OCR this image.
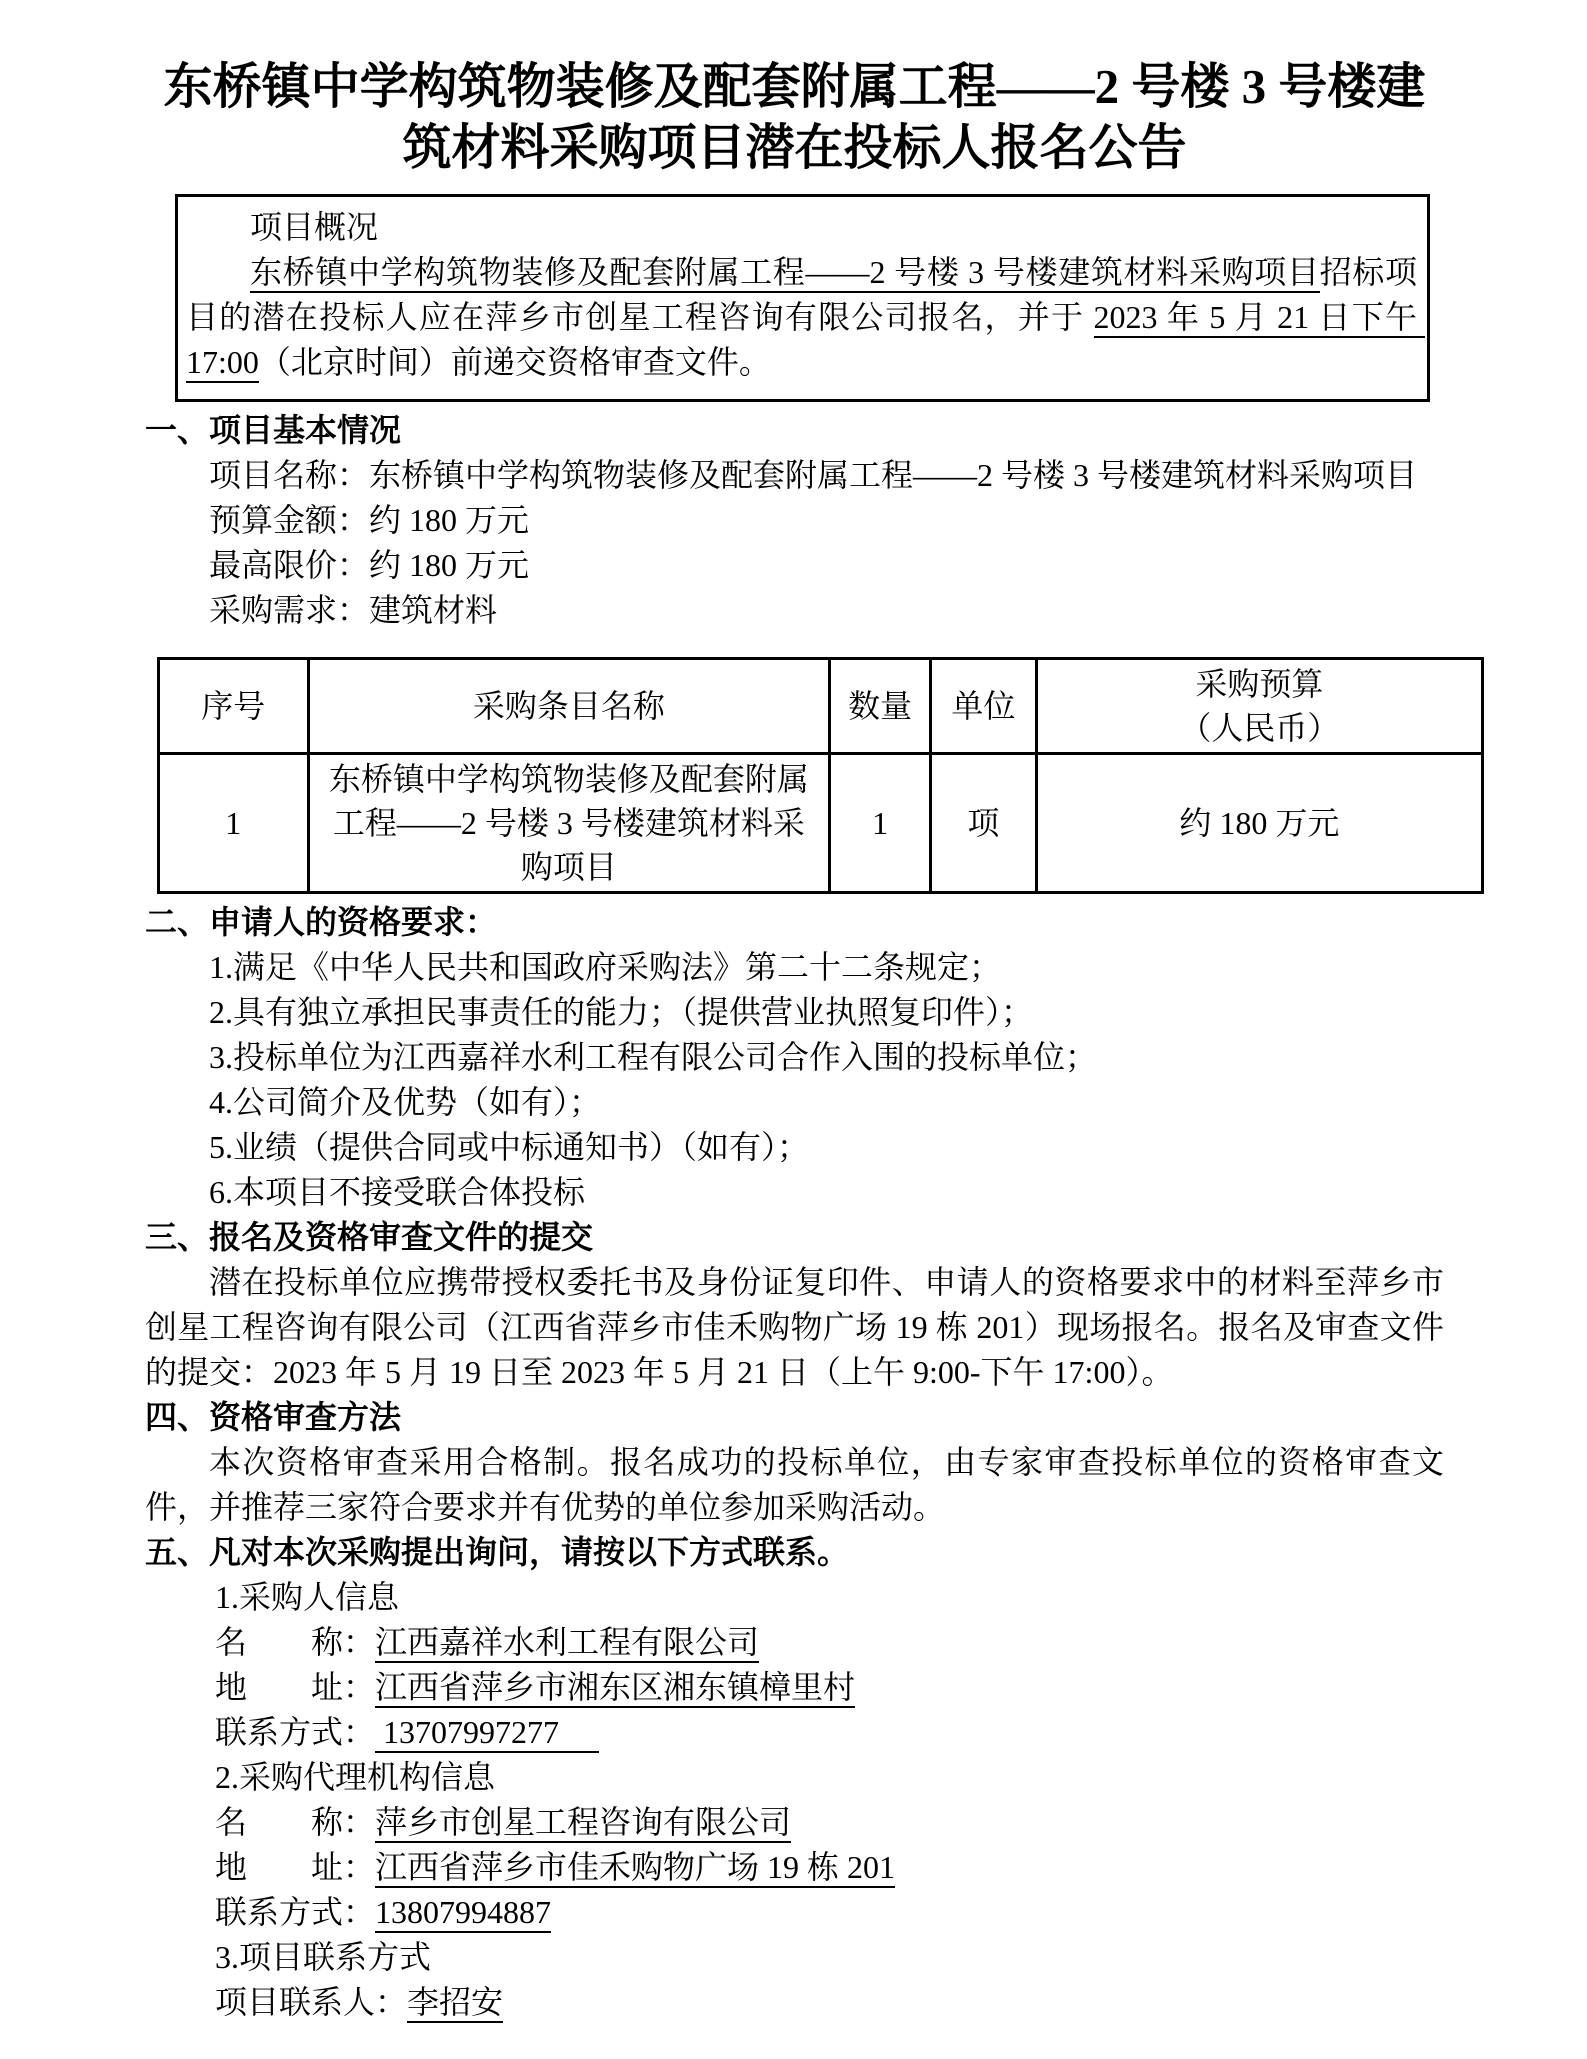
东桥镇中学构筑物装修及配套附属工程——2 号楼 3 号楼建筑材料采购项目潜在投标人报名公告

项目概况

东桥镇中学构筑物装修及配套附属工程——2 号楼 3 号楼建筑材料采购项目招标项目的潜在投标人应在萍乡市创星工程咨询有限公司报名，并于 2023 年 5 月 21 日下午 17:00（北京时间）前递交资格审查文件。

一、项目基本情况

项目名称：东桥镇中学构筑物装修及配套附属工程——2 号楼 3 号楼建筑材料采购项目

预算金额：约 180 万元

最高限价：约 180 万元

采购需求：建筑材料

序号	采购条目名称	数量	单位	采购预算
（人民币）
1	东桥镇中学构筑物装修及配套附属工程——2 号楼 3 号楼建筑材料采购项目	1	项	约 180 万元

二、申请人的资格要求：

1.满足《中华人民共和国政府采购法》第二十二条规定；

2.具有独立承担民事责任的能力；（提供营业执照复印件）；

3.投标单位为江西嘉祥水利工程有限公司合作入围的投标单位；

4.公司简介及优势（如有）；

5.业绩（提供合同或中标通知书）（如有）；

6.本项目不接受联合体投标

三、报名及资格审查文件的提交

潜在投标单位应携带授权委托书及身份证复印件、申请人的资格要求中的材料至萍乡市创星工程咨询有限公司（江西省萍乡市佳禾购物广场 19 栋 201）现场报名。报名及审查文件的提交：2023 年 5 月 19 日至 2023 年 5 月 21 日（上午 9:00-下午 17:00）。

四、资格审查方法

本次资格审查采用合格制。报名成功的投标单位，由专家审查投标单位的资格审查文件，并推荐三家符合要求并有优势的单位参加采购活动。

五、凡对本次采购提出询问，请按以下方式联系。

1.采购人信息

名　　称：江西嘉祥水利工程有限公司

地　　址：江西省萍乡市湘东区湘东镇樟里村

联系方式： 13707997277　

2.采购代理机构信息

名　　称：萍乡市创星工程咨询有限公司

地　　址：江西省萍乡市佳禾购物广场 19 栋 201

联系方式：13807994887

3.项目联系方式

项目联系人：李招安
